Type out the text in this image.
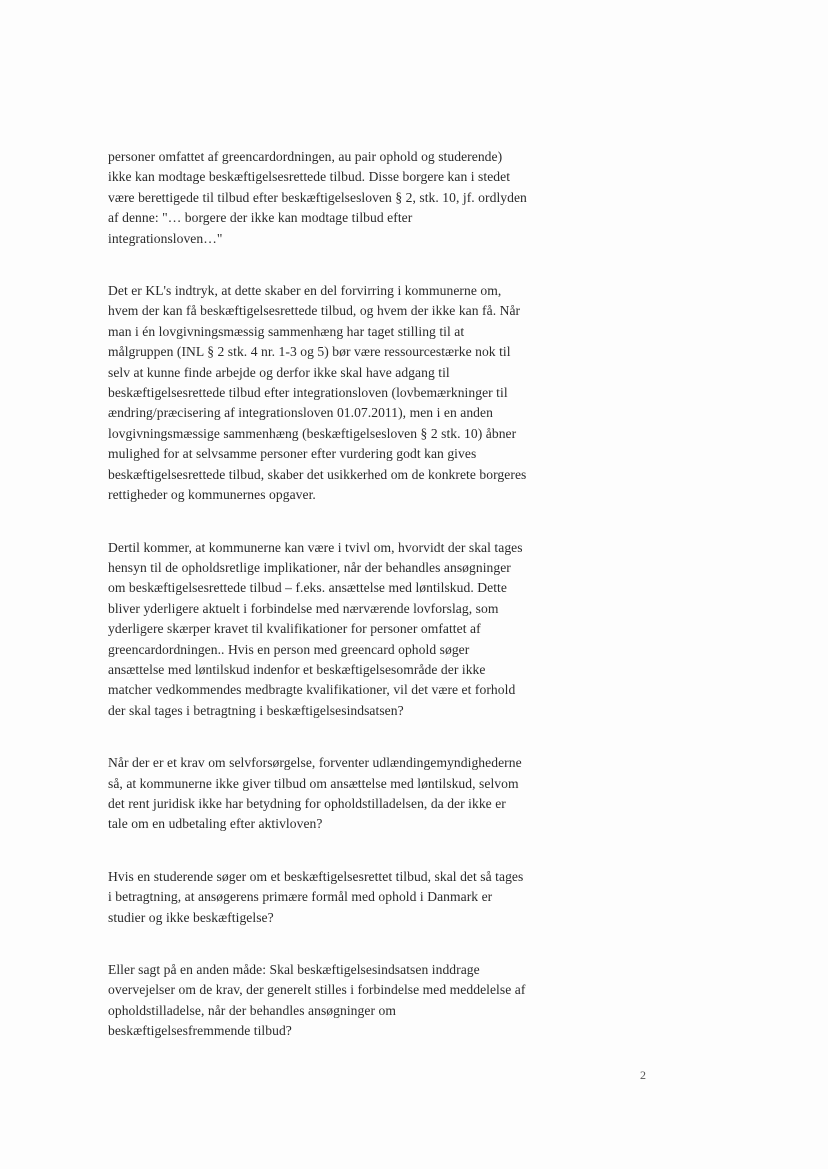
personer omfattet af greencardordningen, au pair ophold og studerende)
ikke kan modtage beskæftigelsesrettede tilbud. Disse borgere kan i stedet
være berettigede til tilbud efter beskæftigelsesloven § 2, stk. 10, jf. ordlyden
af denne: "… borgere der ikke kan modtage tilbud efter
integrationsloven…"

Det er KL's indtryk, at dette skaber en del forvirring i kommunerne om,
hvem der kan få beskæftigelsesrettede tilbud, og hvem der ikke kan få. Når
man i én lovgivningsmæssig sammenhæng har taget stilling til at
målgruppen (INL § 2 stk. 4 nr. 1-3 og 5) bør være ressourcestærke nok til
selv at kunne finde arbejde og derfor ikke skal have adgang til
beskæftigelsesrettede tilbud efter integrationsloven (lovbemærkninger til
ændring/præcisering af integrationsloven 01.07.2011), men i en anden
lovgivningsmæssige sammenhæng (beskæftigelsesloven § 2 stk. 10) åbner
mulighed for at selvsamme personer efter vurdering godt kan gives
beskæftigelsesrettede tilbud, skaber det usikkerhed om de konkrete borgeres
rettigheder og kommunernes opgaver.

Dertil kommer, at kommunerne kan være i tvivl om, hvorvidt der skal tages
hensyn til de opholdsretlige implikationer, når der behandles ansøgninger
om beskæftigelsesrettede tilbud – f.eks. ansættelse med løntilskud. Dette
bliver yderligere aktuelt i forbindelse med nærværende lovforslag, som
yderligere skærper kravet til kvalifikationer for personer omfattet af
greencardordningen.. Hvis en person med greencard ophold søger
ansættelse med løntilskud indenfor et beskæftigelsesområde der ikke
matcher vedkommendes medbragte kvalifikationer, vil det være et forhold
der skal tages i betragtning i beskæftigelsesindsatsen?

Når der er et krav om selvforsørgelse, forventer udlændingemyndighederne
så, at kommunerne ikke giver tilbud om ansættelse med løntilskud, selvom
det rent juridisk ikke har betydning for opholdstilladelsen, da der ikke er
tale om en udbetaling efter aktivloven?

Hvis en studerende søger om et beskæftigelsesrettet tilbud, skal det så tages
i betragtning, at ansøgerens primære formål med ophold i Danmark er
studier og ikke beskæftigelse?

Eller sagt på en anden måde: Skal beskæftigelsesindsatsen inddrage
overvejelser om de krav, der generelt stilles i forbindelse med meddelelse af
opholdstilladelse, når der behandles ansøgninger om
beskæftigelsesfremmende tilbud?

2
